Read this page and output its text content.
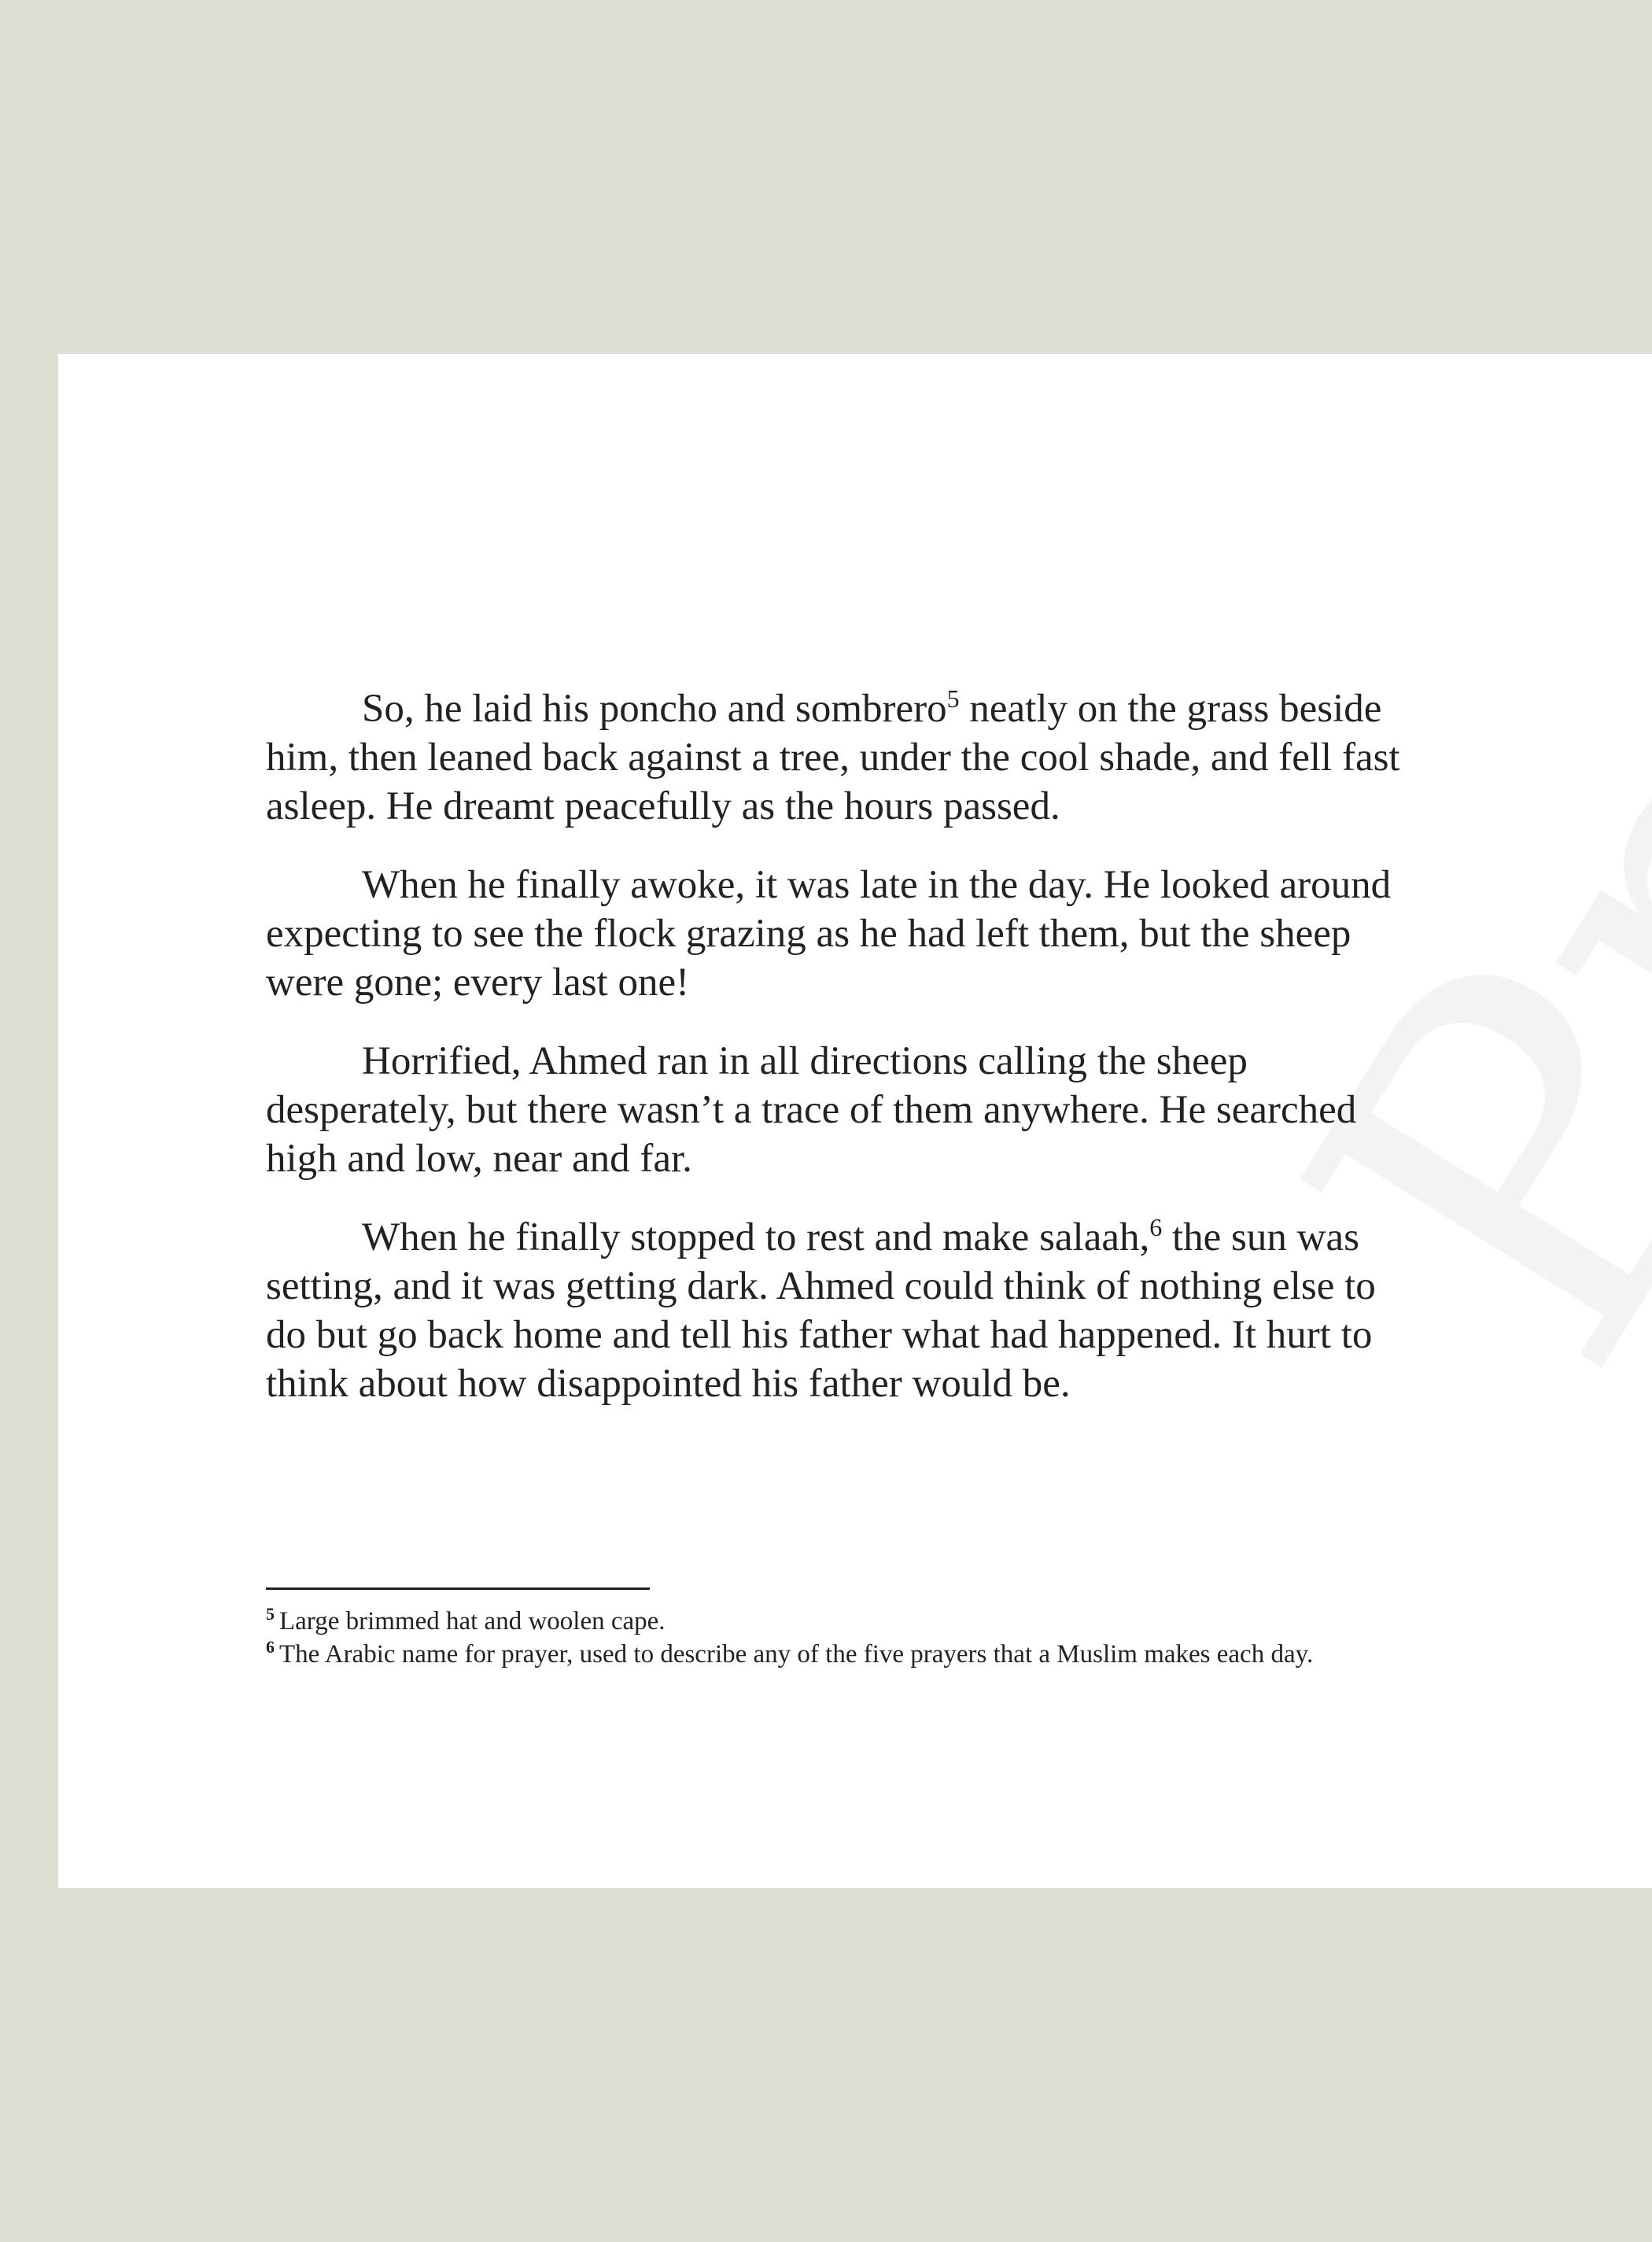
So, he laid his poncho and sombrero$^5$ neatly on the grass beside him, then leaned back against a tree, under the cool shade, and fell fast asleep. He dreamt peacefully as the hours passed.

When he finally awoke, it was late in the day. He looked around expecting to see the flock grazing as he had left them, but the sheep were gone; every last one!

Horrified, Ahmed ran in all directions calling the sheep desperately, but there wasn’t a trace of them anywhere. He searched high and low, near and far.

When he finally stopped to rest and make salaah,$^6$ the sun was setting, and it was getting dark. Ahmed could think of nothing else to do but go back home and tell his father what had happened. It hurt to think about how disappointed his father would be.

$^5$ Large brimmed hat and woolen cape.

$^6$ The Arabic name for prayer, used to describe any of the five prayers that a Muslim makes each day.
